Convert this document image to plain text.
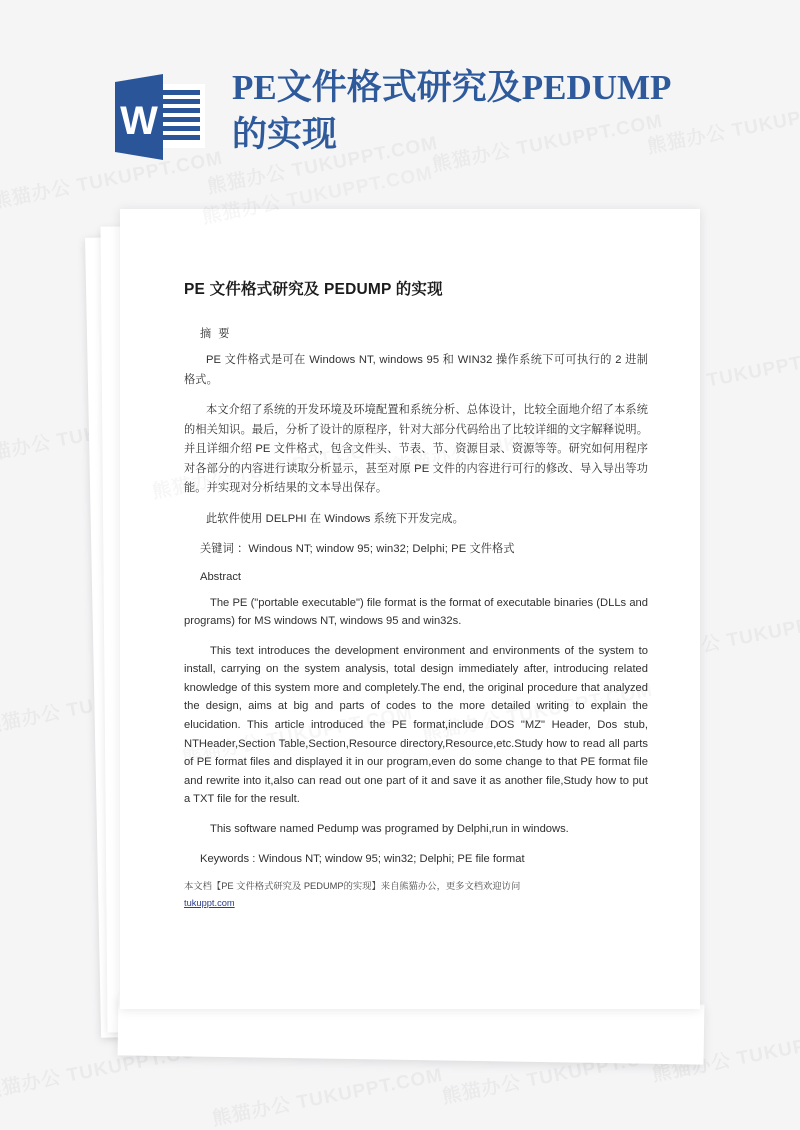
W
PE文件格式研究及PEDUMP的实现
PE 文件格式研究及 PEDUMP 的实现

摘 要

PE 文件格式是可在 Windows NT, windows 95 和 WIN32 操作系统下可可执行的 2 进制格式。

本文介绍了系统的开发环境及环境配置和系统分析、总体设计，比较全面地介绍了本系统的相关知识。最后，分析了设计的原程序，针对大部分代码给出了比较详细的文字解释说明。并且详细介绍 PE 文件格式，包含文件头、节表、节、资源目录、资源等等。研究如何用程序对各部分的内容进行读取分析显示，甚至对原 PE 文件的内容进行可行的修改、导入导出等功能。并实现对分析结果的文本导出保存。

此软件使用 DELPHI 在 Windows 系统下开发完成。

关键词 ：Windous NT; window 95; win32; Delphi; PE 文件格式

Abstract

The PE ("portable executable") file format is the format of executable binaries (DLLs and programs) for MS windows NT, windows 95 and win32s.

This text introduces the development environment and environments of the system to install, carrying on the system analysis, total design immediately after, introducing related knowledge of this system more and completely.The end, the original procedure that analyzed the design, aims at big and parts of codes to the more detailed writing to explain the elucidation. This article introduced the PE format,include DOS "MZ" Header, Dos stub, NTHeader,Section Table,Section,Resource directory,Resource,etc.Study how to read all parts of PE format files and displayed it in our program,even do some change to that PE format file and rewrite into it,also can read out one part of it and save it as another file,Study how to put a TXT file for the result.

This software named Pedump was programed by Delphi,run in windows.

Keywords : Windous NT; window 95; win32; Delphi; PE file format

本文档【PE 文件格式研究及 PEDUMP的实现】来自熊猫办公，更多文档欢迎访问
tukuppt.com
